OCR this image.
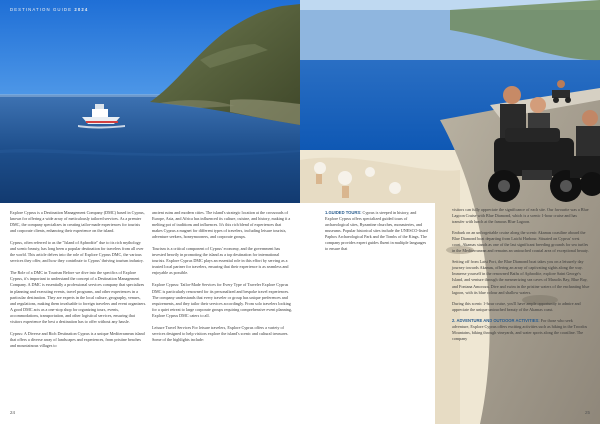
DESTINATION GUIDE 2024

Explore Cyprus is a Destination Management Company (DMC) based in Cyprus, known for offering a wide array of meticulously tailored services. As a premier DMC, the company specializes in creating tailor-made experiences for tourists and corporate clients, enhancing their experience on the island.

Cyprus, often referred to as the "Island of Aphrodite" due to its rich mythology and scenic beauty, has long been a popular destination for travelers from all over the world. This article delves into the role of Explore Cyprus DMC, the various services they offer, and how they contribute to Cyprus' thriving tourism industry.

The Role of a DMC in Tourism Before we dive into the specifics of Explore Cyprus, it's important to understand the concept of a Destination Management Company. A DMC is essentially a professional services company that specializes in planning and executing events, travel programs, and other experiences in a particular destination. They are experts in the local culture, geography, venues, and regulations, making them invaluable to foreign travelers and event organizers. A good DMC acts as a one-stop shop for organizing tours, events, accommodations, transportation, and other logistical services, ensuring that visitors experience the best a destination has to offer without any hassle.

Cyprus: A Diverse and Rich Destination Cyprus is a unique Mediterranean island that offers a diverse array of landscapes and experiences, from pristine beaches and mountainous villages to

ancient ruins and modern cities. The island's strategic location at the crossroads of Europe, Asia, and Africa has influenced its culture, cuisine, and history, making it a melting pot of traditions and influences. It's this rich blend of experiences that makes Cyprus a magnet for different types of travelers, including leisure tourists, adventure seekers, honeymooners, and corporate groups.

Tourism is a critical component of Cyprus' economy, and the government has invested heavily in promoting the island as a top destination for international tourists. Explore Cyprus DMC plays an essential role in this effort by serving as a trusted local partner for travelers, ensuring that their experience is as seamless and enjoyable as possible.

Explore Cyprus: Tailor-Made Services for Every Type of Traveler Explore Cyprus DMC is particularly renowned for its personalized and bespoke travel experiences. The company understands that every traveler or group has unique preferences and requirements, and they tailor their services accordingly. From solo travelers looking for a quiet retreat to large corporate groups requiring comprehensive event planning, Explore Cyprus DMC caters to all.

Leisure Travel Services For leisure travelers, Explore Cyprus offers a variety of services designed to help visitors explore the island's scenic and cultural treasures. Some of the highlights include:

1.GUIDED TOURS: Cyprus is steeped in history, and Explore Cyprus offers specialized guided tours of archaeological sites, Byzantine churches, monasteries, and museums. Popular historical sites include the UNESCO-listed Paphos Archaeological Park and the Tombs of the Kings. The company provides expert guides fluent in multiple languages to ensure that

visitors can fully appreciate the significance of each site. Our favourite was a Blue Lagoon Cruise with Blue Diamond, which is a scenic 1-hour cruise and has transfer with lunch at the famous Blue Lagoon.

Embark on an unforgettable cruise along the scenic Akamas coastline aboard the Blue Diamond boat departing from Latchi Harbour. Situated on Cyprus' west coast, Akamas stands as one of the last significant breeding grounds for sea turtles in the Mediterranean and remains an untouched coastal area of exceptional beauty.

Setting off from Latsi Port, the Blue Diamond boat takes you on a leisurely day journey towards Akamas, offering an array of captivating sights along the way. Immerse yourself in the renowned Baths of Aphrodite, explore Saint George's Island, and venture through the mesmerizing sea caves of Manolis Bay, Blue Bay, and Fontana Amoroza. Dive and swim in the pristine waters of the enchanting blue lagoon, with its blue colour and shallow waters.

During this scenic 1-hour cruise, you'll have ample opportunity to admire and appreciate the unique untouched beauty of the Akamas coast.

2. ADVENTURE AND OUTDOOR ACTIVITIES: For those who seek adventure, Explore Cyprus offers exciting activities such as hiking in the Troodos Mountains, biking through vineyards, and water sports along the coastline. The company

24	25
